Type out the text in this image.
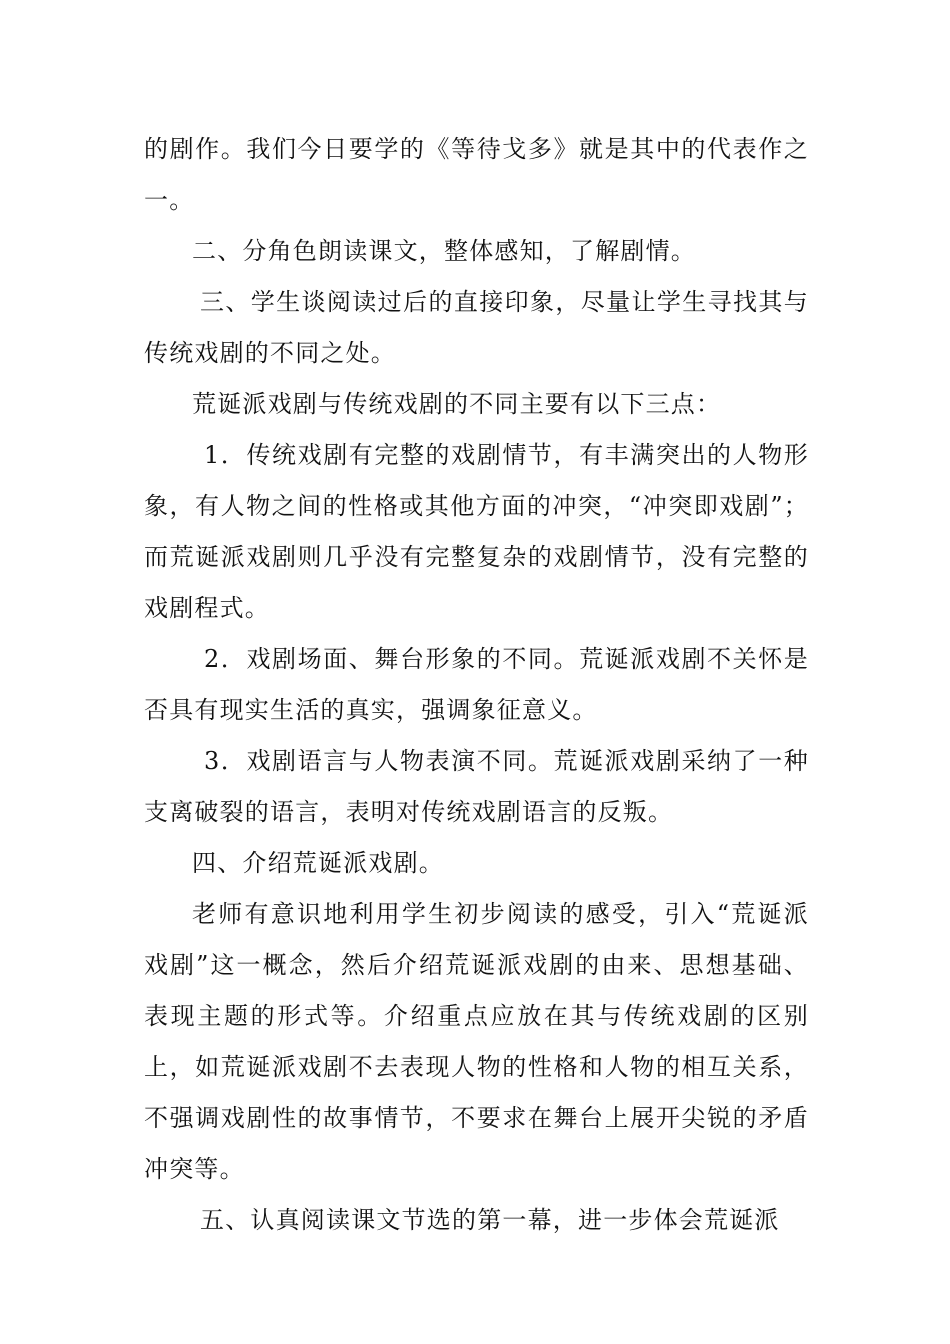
的剧作。我们今日要学的《等待戈多》就是其中的代表作之一。

二、分角色朗读课文，整体感知，了解剧情。

三、学生谈阅读过后的直接印象，尽量让学生寻找其与传统戏剧的不同之处。

荒诞派戏剧与传统戏剧的不同主要有以下三点：

1．传统戏剧有完整的戏剧情节，有丰满突出的人物形象，有人物之间的性格或其他方面的冲突，“冲突即戏剧”；而荒诞派戏剧则几乎没有完整复杂的戏剧情节，没有完整的戏剧程式。

2．戏剧场面、舞台形象的不同。荒诞派戏剧不关怀是否具有现实生活的真实，强调象征意义。

3．戏剧语言与人物表演不同。荒诞派戏剧采纳了一种支离破裂的语言，表明对传统戏剧语言的反叛。

四、介绍荒诞派戏剧。

老师有意识地利用学生初步阅读的感受，引入“荒诞派戏剧”这一概念，然后介绍荒诞派戏剧的由来、思想基础、表现主题的形式等。介绍重点应放在其与传统戏剧的区别上，如荒诞派戏剧不去表现人物的性格和人物的相互关系，不强调戏剧性的故事情节，不要求在舞台上展开尖锐的矛盾冲突等。

五、认真阅读课文节选的第一幕，进一步体会荒诞派
